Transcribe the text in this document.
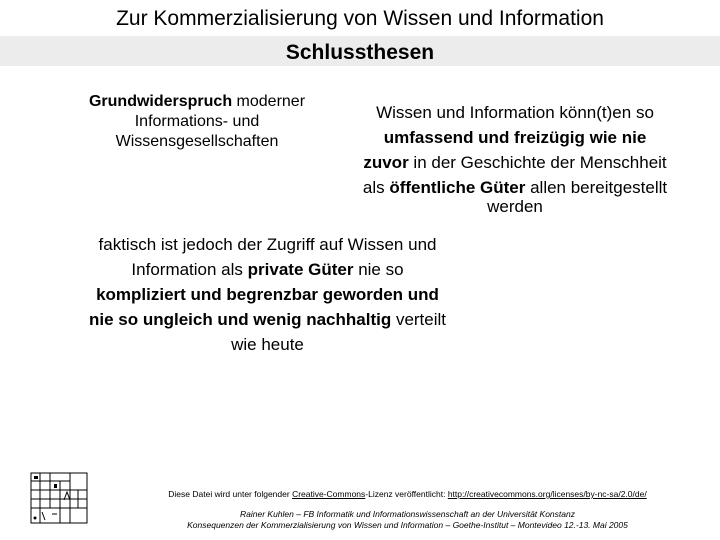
Zur Kommerzialisierung von Wissen und Information
Schlussthesen
Grundwiderspruch moderner
Informations- und
Wissensgesellschaften
Wissen und Information könn(t)en so
umfassend und freizügig wie nie
zuvor in der Geschichte der Menschheit
als öffentliche Güter allen bereitgestellt
werden
faktisch ist jedoch der Zugriff auf Wissen und
Information als private Güter nie so
kompliziert und begrenzbar geworden und
nie so ungleich und wenig nachhaltig verteilt
wie heute
Diese Datei wird unter folgender Creative-Commons-Lizenz veröffentlicht: http://creativecommons.org/licenses/by-nc-sa/2.0/de/
Rainer Kuhlen – FB Informatik und Informationswissenschaft an der Universität Konstanz
Konsequenzen der Kommerzialisierung von Wissen und Information – Goethe-Institut – Montevideo 12.-13. Mai 2005
